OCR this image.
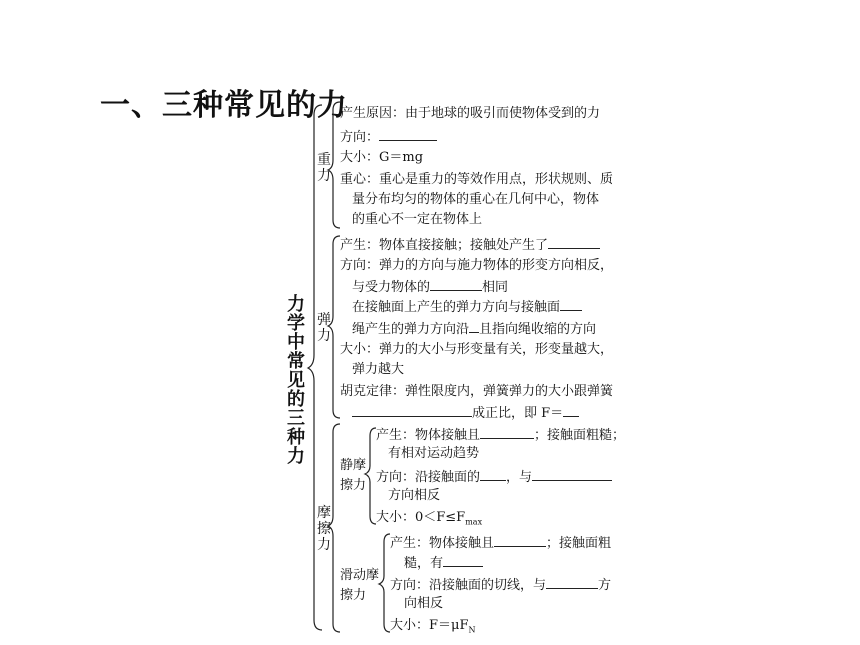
一、三种常见的力
力
学
中
常
见
的
三
种
力
重
力
产生原因：由于地球的吸引而使物体受到的力
方向：
大小：G＝mg
重心：重心是重力的等效作用点，形状规则、质
量分布均匀的物体的重心在几何中心，物体
的重心不一定在物体上
弹
力
产生：物体直接接触；接触处产生了
方向：弹力的方向与施力物体的形变方向相反，
与受力物体的	相同
在接触面上产生的弹力方向与接触面
绳产生的弹力方向沿 且指向绳收缩的方向
大小：弹力的大小与形变量有关，形变量越大，
弹力越大
胡克定律：弹性限度内，弹簧弹力的大小跟弹簧
成正比，即 F＝
摩
擦
力
静摩
擦力
产生：物体接触且	；接触面粗糙；
有相对运动趋势
方向：沿接触面的 ，与
方向相反
大小：$0<F\le F_{max}$
滑动摩
擦力
产生：物体接触且	；接触面粗
糙，有
方向：沿接触面的切线，与	方
向相反
大小：$F=\mu F_N$
